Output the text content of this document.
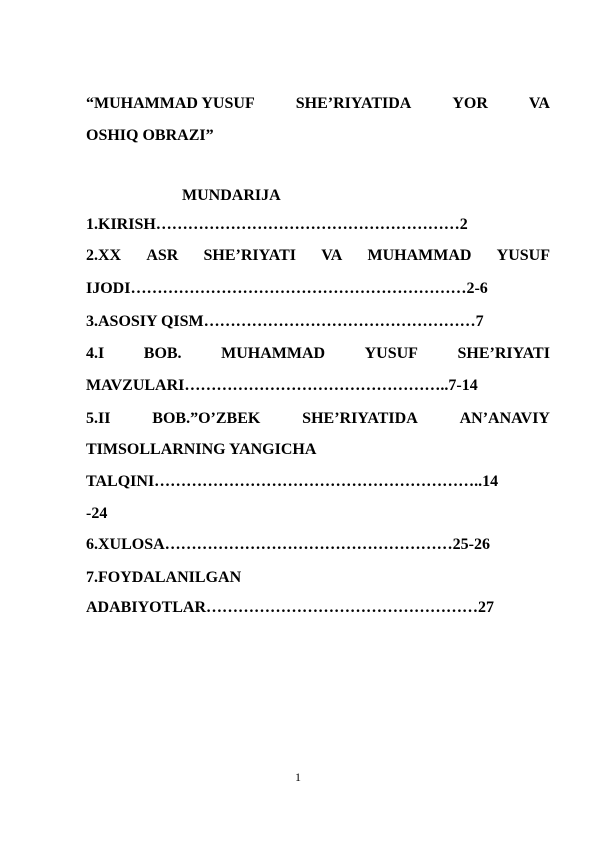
“MUHAMMAD YUSUF	SHE’RIYATIDA	YOR	VA
OSHIQ OBRAZI”
MUNDARIJA
1.KIRISH…………………………………………………2
2.XX ASR SHE’RIYATI VA MUHAMMAD YUSUF
IJODI………………………………………………………2-6
3.ASOSIY QISM……………………………………………7
4.I BOB. MUHAMMAD YUSUF SHE’RIYATI
MAVZULARI…………………………………………..7-14
5.II	BOB.”O’ZBEK	SHE’RIYATIDA	AN’ANAVIY
TIMSOLLARNING YANGICHA
TALQINI……………………………………………………..14
-24
6.XULOSA………………………………………………25-26
7.FOYDALANILGAN
ADABIYOTLAR……………………………………………27
1
